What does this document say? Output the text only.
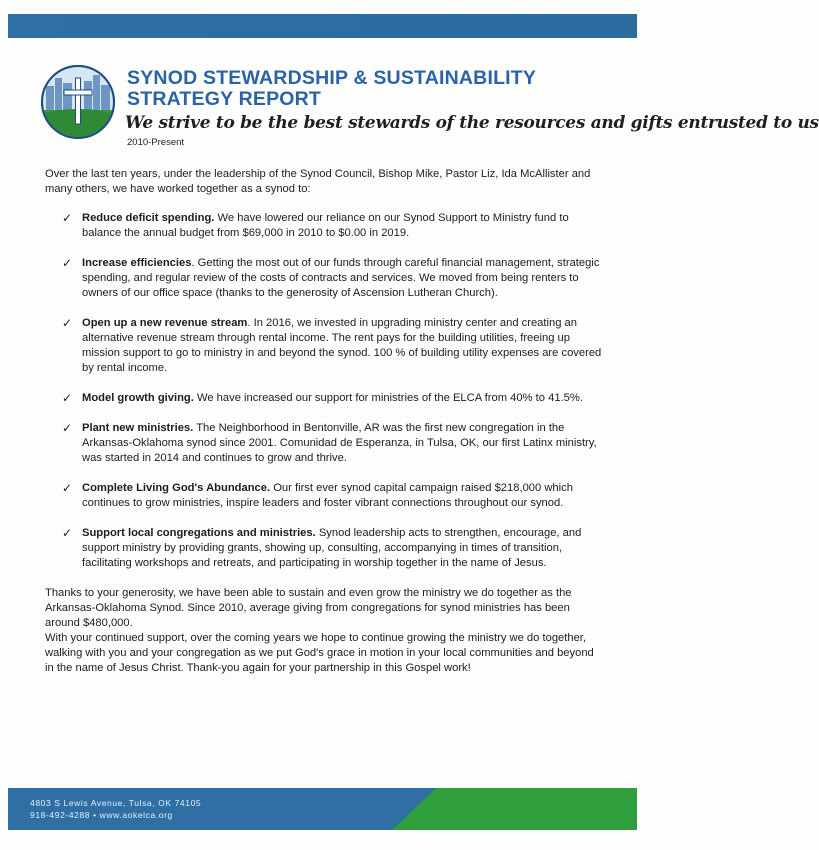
SYNOD STEWARDSHIP & SUSTAINABILITY
STRATEGY REPORT
We strive to be the best stewards of the resources and gifts entrusted to us
2010-Present

Over the last ten years, under the leadership of the Synod Council, Bishop Mike, Pastor Liz, Ida McAllister and many others, we have worked together as a synod to:

✓ Reduce deficit spending. We have lowered our reliance on our Synod Support to Ministry fund to balance the annual budget from $69,000 in 2010 to $0.00 in 2019.
✓ Increase efficiencies. Getting the most out of our funds through careful financial management, strategic spending, and regular review of the costs of contracts and services. We moved from being renters to owners of our office space (thanks to the generosity of Ascension Lutheran Church).
✓ Open up a new revenue stream. In 2016, we invested in upgrading ministry center and creating an alternative revenue stream through rental income. The rent pays for the building utilities, freeing up mission support to go to ministry in and beyond the synod. 100 % of building utility expenses are covered by rental income.
✓ Model growth giving. We have increased our support for ministries of the ELCA from 40% to 41.5%.
✓ Plant new ministries. The Neighborhood in Bentonville, AR was the first new congregation in the Arkansas-Oklahoma synod since 2001. Comunidad de Esperanza, in Tulsa, OK, our first Latinx ministry, was started in 2014 and continues to grow and thrive.
✓ Complete Living God's Abundance. Our first ever synod capital campaign raised $218,000 which continues to grow ministries, inspire leaders and foster vibrant connections throughout our synod.
✓ Support local congregations and ministries. Synod leadership acts to strengthen, encourage, and support ministry by providing grants, showing up, consulting, accompanying in times of transition, facilitating workshops and retreats, and participating in worship together in the name of Jesus.

Thanks to your generosity, we have been able to sustain and even grow the ministry we do together as the Arkansas-Oklahoma Synod. Since 2010, average giving from congregations for synod ministries has been around $480,000.

With your continued support, over the coming years we hope to continue growing the ministry we do together, walking with you and your congregation as we put God's grace in motion in your local communities and beyond in the name of Jesus Christ. Thank-you again for your partnership in this Gospel work!

4803 S Lewis Avenue, Tulsa, OK 74105
918-492-4288 • www.aokelca.org
